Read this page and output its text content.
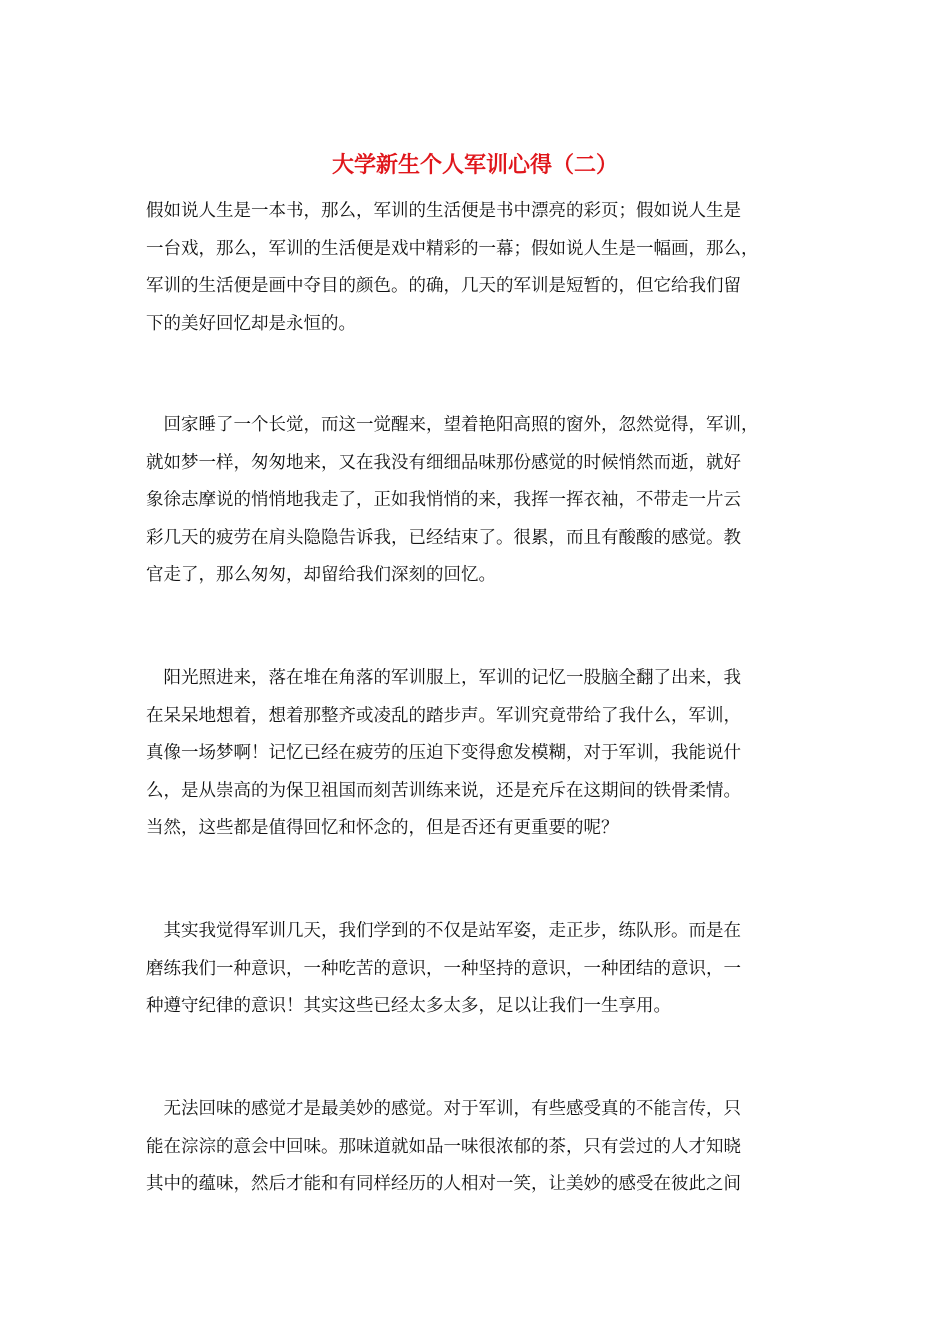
大学新生个人军训心得（二）
假如说人生是一本书，那么，军训的生活便是书中漂亮的彩页；假如说人生是
一台戏，那么，军训的生活便是戏中精彩的一幕；假如说人生是一幅画，那么，
军训的生活便是画中夺目的颜色。的确，几天的军训是短暂的，但它给我们留
下的美好回忆却是永恒的。
　回家睡了一个长觉，而这一觉醒来，望着艳阳高照的窗外，忽然觉得，军训，
就如梦一样，匆匆地来，又在我没有细细品味那份感觉的时候悄然而逝，就好
象徐志摩说的悄悄地我走了，正如我悄悄的来，我挥一挥衣袖，不带走一片云
彩几天的疲劳在肩头隐隐告诉我，已经结束了。很累，而且有酸酸的感觉。教
官走了，那么匆匆，却留给我们深刻的回忆。
　阳光照进来，落在堆在角落的军训服上，军训的记忆一股脑全翻了出来，我
在呆呆地想着，想着那整齐或凌乱的踏步声。军训究竟带给了我什么，军训，
真像一场梦啊！记忆已经在疲劳的压迫下变得愈发模糊，对于军训，我能说什
么，是从崇高的为保卫祖国而刻苦训练来说，还是充斥在这期间的铁骨柔情。
当然，这些都是值得回忆和怀念的，但是否还有更重要的呢？
　其实我觉得军训几天，我们学到的不仅是站军姿，走正步，练队形。而是在
磨练我们一种意识，一种吃苦的意识，一种坚持的意识，一种团结的意识，一
种遵守纪律的意识！其实这些已经太多太多，足以让我们一生享用。
　无法回味的感觉才是最美妙的感觉。对于军训，有些感受真的不能言传，只
能在淙淙的意会中回味。那味道就如品一味很浓郁的茶，只有尝过的人才知晓
其中的蕴味，然后才能和有同样经历的人相对一笑，让美妙的感受在彼此之间
